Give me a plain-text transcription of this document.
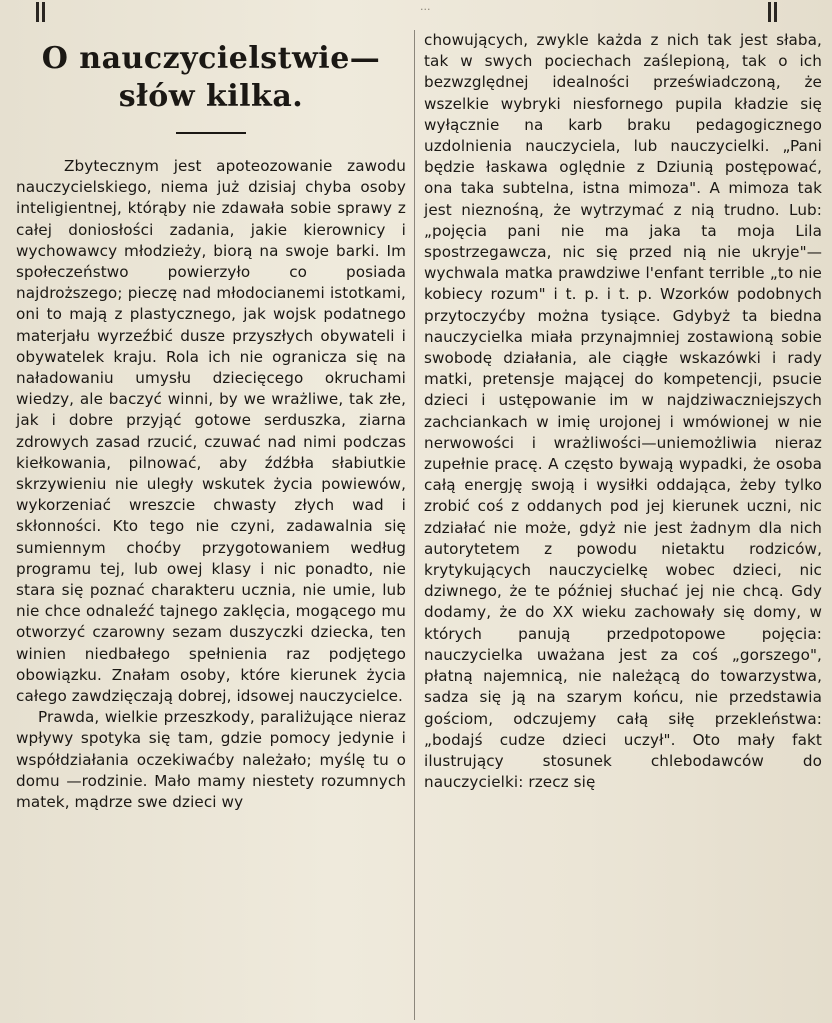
...
O nauczycielstwie—słów kilka.

Zbytecznym jest apoteozowanie zawodu nauczycielskiego, niema już dzisiaj chyba osoby inteligientnej, którąby nie zdawała sobie sprawy z całej doniosłości zadania, jakie kierownicy i wychowawcy młodzieży, biorą na swoje barki. Im społeczeństwo powierzyło co posiada najdroższego; pieczę nad młodocianemi istotkami, oni to mają z plastycznego, jak wojsk podatnego materjału wyrzeźbić dusze przyszłych obywateli i obywatelek kraju. Rola ich nie ogranicza się na naładowaniu umysłu dziecięcego okruchami wiedzy, ale baczyć winni, by we wrażliwe, tak złe, jak i dobre przyjąć gotowe serduszka, ziarna zdrowych zasad rzucić, czuwać nad nimi podczas kiełkowania, pilnować, aby źdźbła słabiutkie skrzywieniu nie uległy wskutek życia powiewów, wykorzeniać wreszcie chwasty złych wad i skłonności. Kto tego nie czyni, zadawalnia się sumiennym choćby przygotowaniem według programu tej, lub owej klasy i nic ponadto, nie stara się poznać charakteru ucznia, nie umie, lub nie chce odnaleźć tajnego zaklęcia, mogącego mu otworzyć czarowny sezam duszyczki dziecka, ten winien niedbałego spełnienia raz podjętego obowiązku. Znałam osoby, które kierunek życia całego zawdzięczają dobrej, idsowej nauczycielce.

Prawda, wielkie przeszkody, paraliżujące nieraz wpływy spotyka się tam, gdzie pomocy jedynie i współdziałania oczekiwaćby należało; myślę tu o domu —rodzinie. Mało mamy niestety rozumnych matek, mądrze swe dzieci wy

chowujących, zwykle każda z nich tak jest słaba, tak w swych pociechach zaślepioną, tak o ich bezwzględnej idealności przeświadczoną, że wszelkie wybryki niesfornego pupila kładzie się wyłącznie na karb braku pedagogicznego uzdolnienia nauczyciela, lub nauczycielki. „Pani będzie łaskawa oględnie z Dziunią postępować, ona taka subtelna, istna mimoza". A mimoza tak jest nieznośną, że wytrzymać z nią trudno. Lub: „pojęcia pani nie ma jaka ta moja Lila spostrzegawcza, nic się przed nią nie ukryje"—wychwala matka prawdziwe l'enfant terrible „to nie kobiecy rozum" i t. p. i t. p. Wzorków podobnych przytoczyćby można tysiące. Gdybyż ta biedna nauczycielka miała przynajmniej zostawioną sobie swobodę działania, ale ciągłe wskazówki i rady matki, pretensje mającej do kompetencji, psucie dzieci i ustępowanie im w najdziwaczniejszych zachciankach w imię urojonej i wmówionej w nie nerwowości i wrażliwości—uniemożliwia nieraz zupełnie pracę. A często bywają wypadki, że osoba całą energję swoją i wysiłki oddająca, żeby tylko zrobić coś z oddanych pod jej kierunek uczni, nic zdziałać nie może, gdyż nie jest żadnym dla nich autorytetem z powodu nietaktu rodziców, krytykujących nauczycielkę wobec dzieci, nic dziwnego, że te później słuchać jej nie chcą. Gdy dodamy, że do XX wieku zachowały się domy, w których panują przedpotopowe pojęcia: nauczycielka uważana jest za coś „gorszego", płatną najemnicą, nie należącą do towarzystwa, sadza się ją na szarym końcu, nie przedstawia gościom, odczujemy całą siłę przekleństwa: „bodajś cudze dzieci uczył". Oto mały fakt ilustrujący stosunek chlebodawców do nauczycielki: rzecz się
